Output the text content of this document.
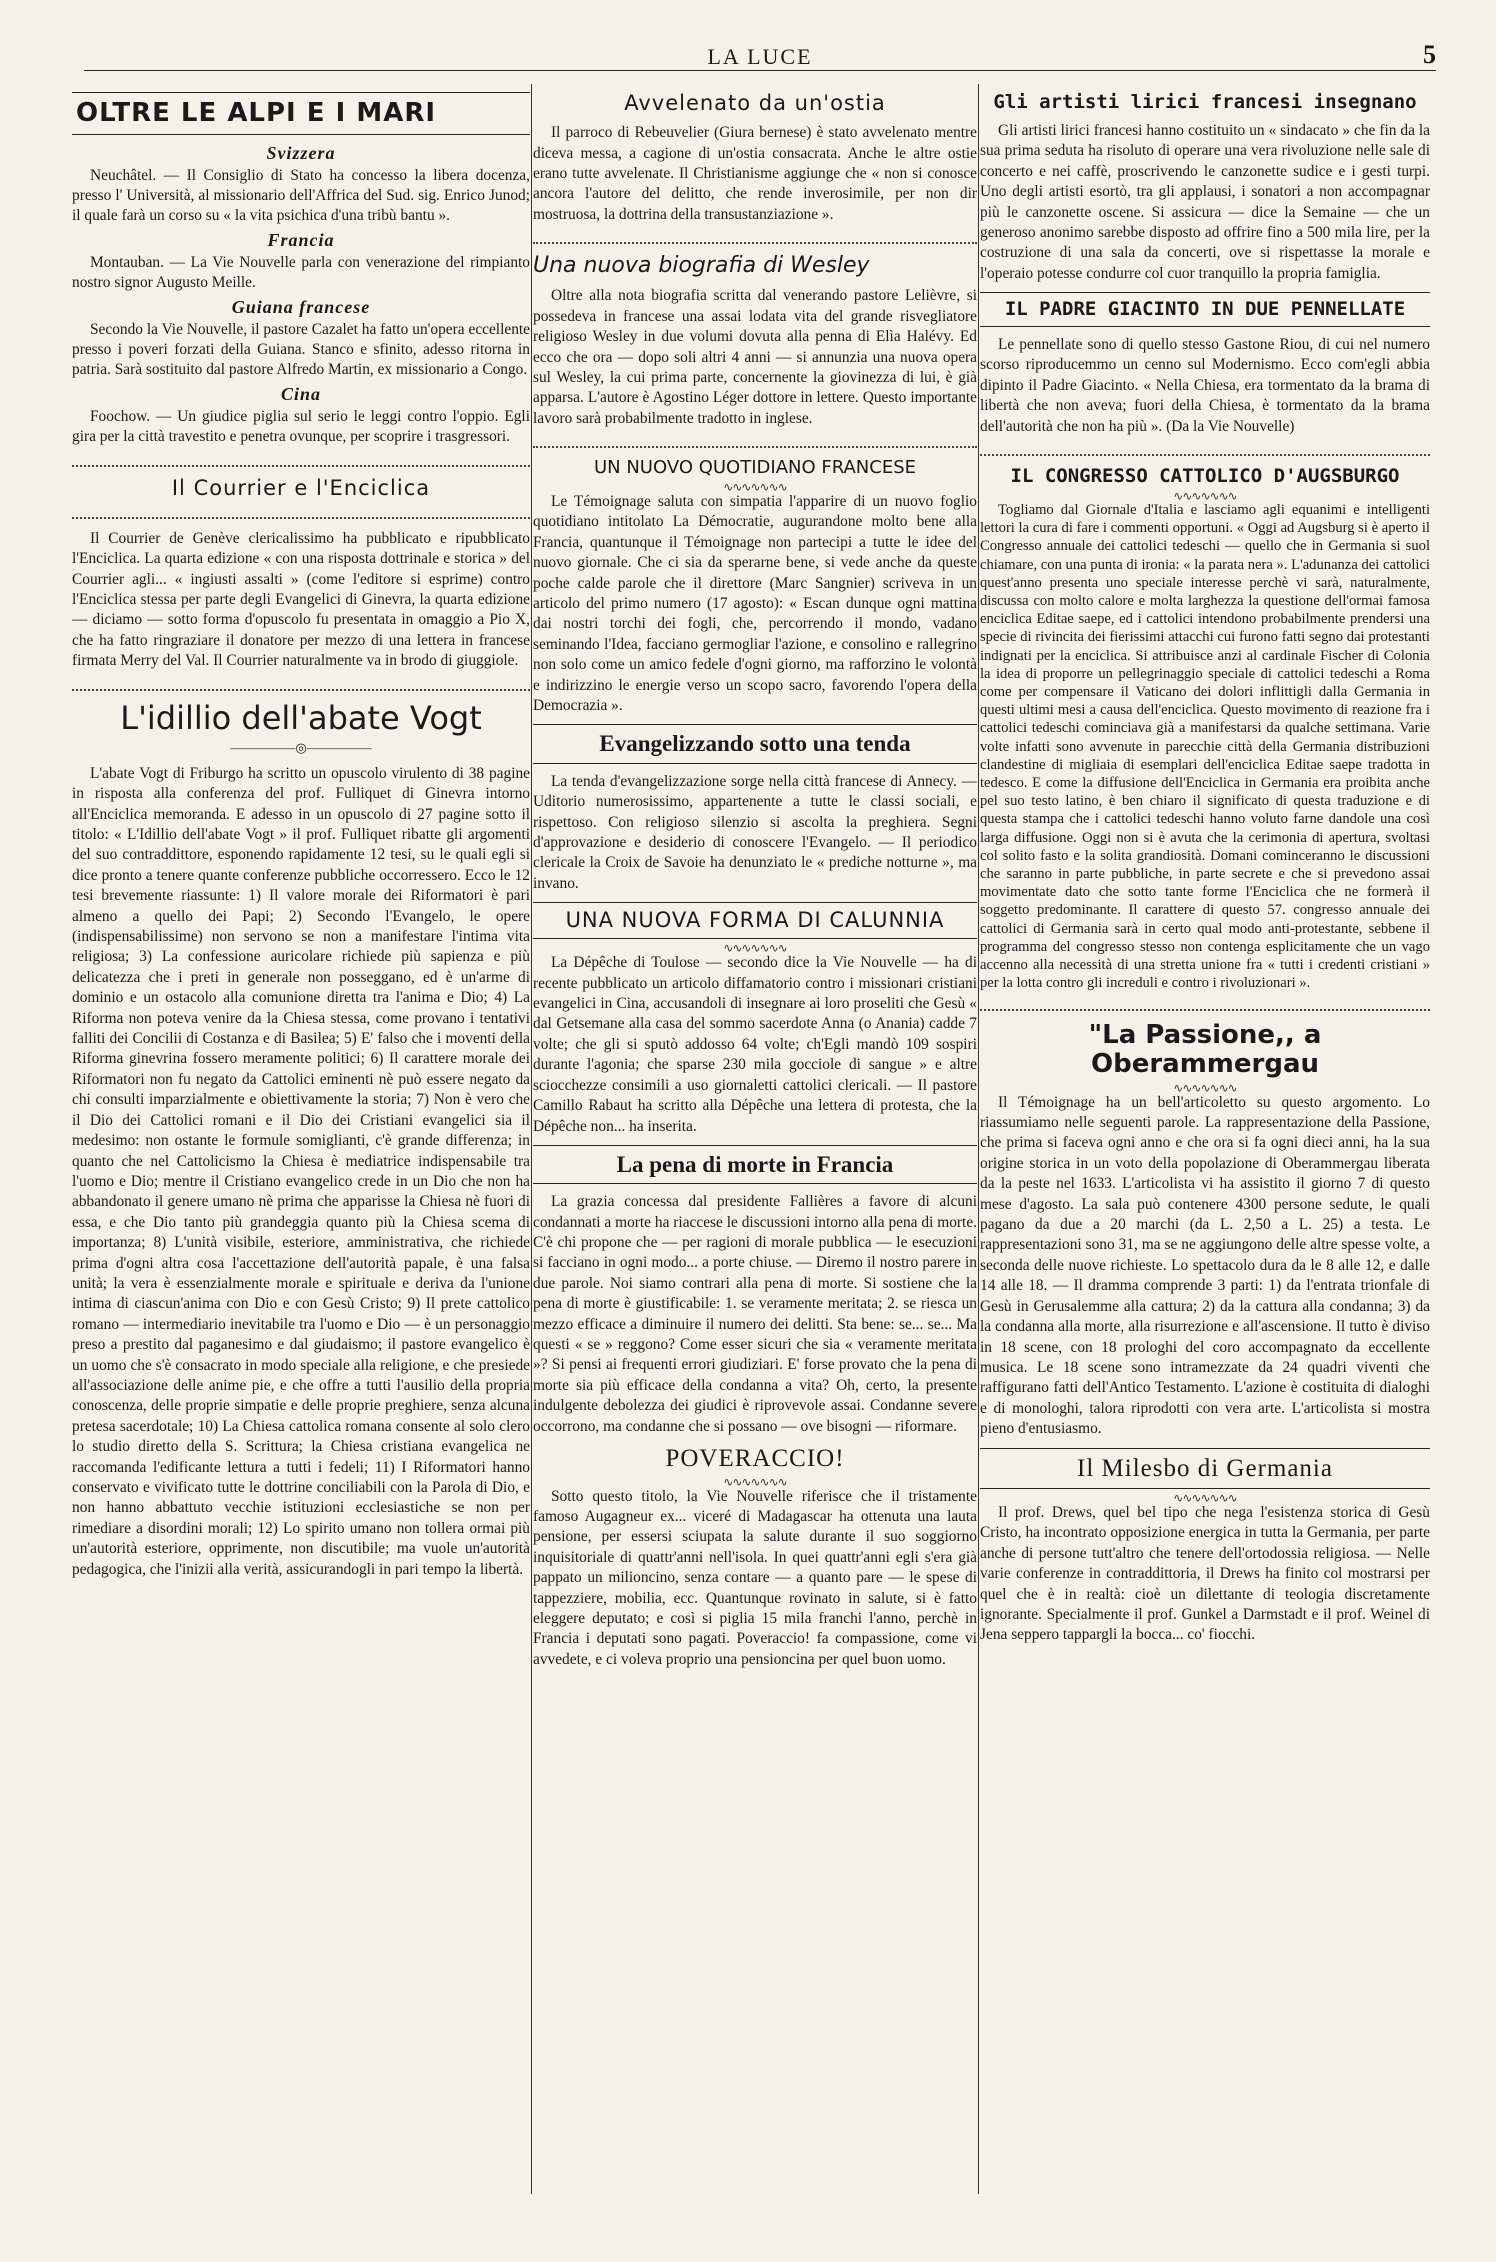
LA LUCE	5
OLTRE LE ALPI E I MARI
Svizzera

Neuchâtel. — Il Consiglio di Stato ha concesso la libera docenza, presso l' Università, al missionario dell'Affrica del Sud. sig. Enrico Junod; il quale farà un corso su « la vita psichica d'una tribù bantu ».

Francia

Montauban. — La Vie Nouvelle parla con venerazione del rimpianto nostro signor Augusto Meille.

Guiana francese

Secondo la Vie Nouvelle, il pastore Cazalet ha fatto un'opera eccellente presso i poveri forzati della Guiana. Stanco e sfinito, adesso ritorna in patria. Sarà sostituito dal pastore Alfredo Martin, ex missionario a Congo.

Cina

Foochow. — Un giudice piglia sul serio le leggi contro l'oppio. Egli gira per la città travestito e penetra ovunque, per scoprire i trasgressori.

Il Courrier e l'Enciclica

Il Courrier de Genève clericalissimo ha pubblicato e ripubblicato l'Enciclica. La quarta edizione « con una risposta dottrinale e storica » del Courrier agli... « ingiusti assalti » (come l'editore si esprime) contro l'Enciclica stessa per parte degli Evangelici di Ginevra, la quarta edizione — diciamo — sotto forma d'opuscolo fu presentata in omaggio a Pio X, che ha fatto ringraziare il donatore per mezzo di una lettera in francese firmata Merry del Val. Il Courrier naturalmente va in brodo di giuggiole.

L'idillio dell'abate Vogt
—————◎—————

L'abate Vogt di Friburgo ha scritto un opuscolo virulento di 38 pagine in risposta alla conferenza del prof. Fulliquet di Ginevra intorno all'Enciclica memoranda. E adesso in un opuscolo di 27 pagine sotto il titolo: « L'Idillio dell'abate Vogt » il prof. Fulliquet ribatte gli argomenti del suo contraddittore, esponendo rapidamente 12 tesi, su le quali egli si dice pronto a tenere quante conferenze pubbliche occorressero. Ecco le 12 tesi brevemente riassunte: 1) Il valore morale dei Riformatori è pari almeno a quello dei Papi; 2) Secondo l'Evangelo, le opere (indispensabilissime) non servono se non a manifestare l'intima vita religiosa; 3) La confessione auricolare richiede più sapienza e più delicatezza che i preti in generale non posseggano, ed è un'arme di dominio e un ostacolo alla comunione diretta tra l'anima e Dio; 4) La Riforma non poteva venire da la Chiesa stessa, come provano i tentativi falliti dei Concilii di Costanza e di Basilea; 5) E' falso che i moventi della Riforma ginevrina fossero meramente politici; 6) Il carattere morale dei Riformatori non fu negato da Cattolici eminenti nè può essere negato da chi consulti imparzialmente e obiettivamente la storia; 7) Non è vero che il Dio dei Cattolici romani e il Dio dei Cristiani evangelici sia il medesimo: non ostante le formule somiglianti, c'è grande differenza; in quanto che nel Cattolicismo la Chiesa è mediatrice indispensabile tra l'uomo e Dio; mentre il Cristiano evangelico crede in un Dio che non ha abbandonato il genere umano nè prima che apparisse la Chiesa nè fuori di essa, e che Dio tanto più grandeggia quanto più la Chiesa scema di importanza; 8) L'unità visibile, esteriore, amministrativa, che richiede prima d'ogni altra cosa l'accettazione dell'autorità papale, è una falsa unità; la vera è essenzialmente morale e spirituale e deriva da l'unione intima di ciascun'anima con Dio e con Gesù Cristo; 9) Il prete cattolico romano — intermediario inevitabile tra l'uomo e Dio — è un personaggio preso a prestito dal paganesimo e dal giudaismo; il pastore evangelico è un uomo che s'è consacrato in modo speciale alla religione, e che presiede all'associazione delle anime pie, e che offre a tutti l'ausilio della propria conoscenza, delle proprie simpatie e delle proprie preghiere, senza alcuna pretesa sacerdotale; 10) La Chiesa cattolica romana consente al solo clero lo studio diretto della S. Scrittura; la Chiesa cristiana evangelica ne raccomanda l'edificante lettura a tutti i fedeli; 11) I Riformatori hanno conservato e vivificato tutte le dottrine conciliabili con la Parola di Dio, e non hanno abbattuto vecchie istituzioni ecclesiastiche se non per rimediare a disordini morali; 12) Lo spirito umano non tollera ormai più un'autorità esteriore, opprimente, non discutibile; ma vuole un'autorità pedagogica, che l'inizii alla verità, assicurandogli in pari tempo la libertà.

Avvelenato da un'ostia

Il parroco di Rebeuvelier (Giura bernese) è stato avvelenato mentre diceva messa, a cagione di un'ostia consacrata. Anche le altre ostie erano tutte avvelenate. Il Christianisme aggiunge che « non si conosce ancora l'autore del delitto, che rende inverosimile, per non dir mostruosa, la dottrina della transustanziazione ».

Una nuova biografia di Wesley

Oltre alla nota biografia scritta dal venerando pastore Lelièvre, si possedeva in francese una assai lodata vita del grande risvegliatore religioso Wesley in due volumi dovuta alla penna di Elìa Halévy. Ed ecco che ora — dopo soli altri 4 anni — si annunzia una nuova opera sul Wesley, la cui prima parte, concernente la giovinezza di lui, è già apparsa. L'autore è Agostino Léger dottore in lettere. Questo importante lavoro sarà probabilmente tradotto in inglese.

UN NUOVO QUOTIDIANO FRANCESE
∿∿∿∿∿∿∿

Le Témoignage saluta con simpatia l'apparire di un nuovo foglio quotidiano intitolato La Démocratie, augurandone molto bene alla Francia, quantunque il Témoignage non partecipi a tutte le idee del nuovo giornale. Che ci sia da sperarne bene, si vede anche da queste poche calde parole che il direttore (Marc Sangnier) scriveva in un articolo del primo numero (17 agosto): « Escan dunque ogni mattina dai nostri torchi dei fogli, che, percorrendo il mondo, vadano seminando l'Idea, facciano germogliar l'azione, e consolino e rallegrino non solo come un amico fedele d'ogni giorno, ma rafforzino le volontà e indirizzino le energie verso un scopo sacro, favorendo l'opera della Democrazia ».

Evangelizzando sotto una tenda

La tenda d'evangelizzazione sorge nella città francese di Annecy. — Uditorio numerosissimo, appartenente a tutte le classi sociali, e rispettoso. Con religioso silenzio si ascolta la preghiera. Segni d'approvazione e desiderio di conoscere l'Evangelo. — Il periodico clericale la Croix de Savoie ha denunziato le « prediche notturne », ma invano.

UNA NUOVA FORMA DI CALUNNIA
∿∿∿∿∿∿∿

La Dépêche di Toulose — secondo dice la Vie Nouvelle — ha di recente pubblicato un articolo diffamatorio contro i missionari cristiani evangelici in Cina, accusandoli di insegnare ai loro proseliti che Gesù « dal Getsemane alla casa del sommo sacerdote Anna (o Anania) cadde 7 volte; che gli si sputò addosso 64 volte; ch'Egli mandò 109 sospiri durante l'agonia; che sparse 230 mila gocciole di sangue » e altre sciocchezze consimili a uso giornaletti cattolici clericali. — Il pastore Camillo Rabaut ha scritto alla Dépêche una lettera di protesta, che la Dépêche non... ha inserita.

La pena di morte in Francia

La grazia concessa dal presidente Fallières a favore di alcuni condannati a morte ha riaccese le discussioni intorno alla pena di morte. C'è chi propone che — per ragioni di morale pubblica — le esecuzioni si facciano in ogni modo... a porte chiuse. — Diremo il nostro parere in due parole. Noi siamo contrari alla pena di morte. Si sostiene che la pena di morte è giustificabile: 1. se veramente meritata; 2. se riesca un mezzo efficace a diminuire il numero dei delitti. Sta bene: se... se... Ma questi « se » reggono? Come esser sicuri che sia « veramente meritata »? Si pensi ai frequenti errori giudiziari. E' forse provato che la pena di morte sia più efficace della condanna a vita? Oh, certo, la presente indulgente debolezza dei giudici è riprovevole assai. Condanne severe occorrono, ma condanne che si possano — ove bisogni — riformare.

POVERACCIO!
∿∿∿∿∿∿∿

Sotto questo titolo, la Vie Nouvelle riferisce che il tristamente famoso Augagneur ex... viceré di Madagascar ha ottenuta una lauta pensione, per essersi sciupata la salute durante il suo soggiorno inquisitoriale di quattr'anni nell'isola. In quei quattr'anni egli s'era già pappato un milioncino, senza contare — a quanto pare — le spese di tappezziere, mobilia, ecc. Quantunque rovinato in salute, si è fatto eleggere deputato; e così si piglia 15 mila franchi l'anno, perchè in Francia i deputati sono pagati. Poveraccio! fa compassione, come vi avvedete, e ci voleva proprio una pensioncina per quel buon uomo.

Gli artisti lirici francesi insegnano

Gli artisti lirici francesi hanno costituito un « sindacato » che fin da la sua prima seduta ha risoluto di operare una vera rivoluzione nelle sale di concerto e nei caffè, proscrivendo le canzonette sudice e i gesti turpi. Uno degli artisti esortò, tra gli applausi, i sonatori a non accompagnar più le canzonette oscene. Si assicura — dice la Semaine — che un generoso anonimo sarebbe disposto ad offrire fino a 500 mila lire, per la costruzione di una sala da concerti, ove si rispettasse la morale e l'operaio potesse condurre col cuor tranquillo la propria famiglia.

IL PADRE GIACINTO IN DUE PENNELLATE

Le pennellate sono di quello stesso Gastone Riou, di cui nel numero scorso riproducemmo un cenno sul Modernismo. Ecco com'egli abbia dipinto il Padre Giacinto. « Nella Chiesa, era tormentato da la brama di libertà che non aveva; fuori della Chiesa, è tormentato da la brama dell'autorità che non ha più ». (Da la Vie Nouvelle)

IL CONGRESSO CATTOLICO D'AUGSBURGO
∿∿∿∿∿∿∿

Togliamo dal Giornale d'Italia e lasciamo agli equanimi e intelligenti lettori la cura di fare i commenti opportuni. « Oggi ad Augsburg si è aperto il Congresso annuale dei cattolici tedeschi — quello che in Germania si suol chiamare, con una punta di ironia: « la parata nera ». L'adunanza dei cattolici quest'anno presenta uno speciale interesse perchè vi sarà, naturalmente, discussa con molto calore e molta larghezza la questione dell'ormai famosa enciclica Editae saepe, ed i cattolici intendono probabilmente prendersi una specie di rivincita dei fierissimi attacchi cui furono fatti segno dai protestanti indignati per la enciclica. Si attribuisce anzi al cardinale Fischer di Colonia la idea di proporre un pellegrinaggio speciale di cattolici tedeschi a Roma come per compensare il Vaticano dei dolori inflittigli dalla Germania in questi ultimi mesi a causa dell'enciclica. Questo movimento di reazione fra i cattolici tedeschi cominciava già a manifestarsi da qualche settimana. Varie volte infatti sono avvenute in parecchie città della Germania distribuzioni clandestine di migliaia di esemplari dell'enciclica Editae saepe tradotta in tedesco. E come la diffusione dell'Enciclica in Germania era proibita anche pel suo testo latino, è ben chiaro il significato di questa traduzione e di questa stampa che i cattolici tedeschi hanno voluto farne dandole una così larga diffusione. Oggi non si è avuta che la cerimonia di apertura, svoltasi col solito fasto e la solita grandiosità. Domani cominceranno le discussioni che saranno in parte pubbliche, in parte secrete e che si prevedono assai movimentate dato che sotto tante forme l'Enciclica che ne formerà il soggetto predominante. Il carattere di questo 57. congresso annuale dei cattolici di Germania sarà in certo qual modo anti-protestante, sebbene il programma del congresso stesso non contenga esplicitamente che un vago accenno alla necessità di una stretta unione fra « tutti i credenti cristiani » per la lotta contro gli increduli e contro i rivoluzionari ».

"La Passione,, a Oberammergau
∿∿∿∿∿∿∿

Il Témoignage ha un bell'articoletto su questo argomento. Lo riassumiamo nelle seguenti parole. La rappresentazione della Passione, che prima si faceva ogni anno e che ora si fa ogni dieci anni, ha la sua origine storica in un voto della popolazione di Oberammergau liberata da la peste nel 1633. L'articolista vi ha assistito il giorno 7 di questo mese d'agosto. La sala può contenere 4300 persone sedute, le quali pagano da due a 20 marchi (da L. 2,50 a L. 25) a testa. Le rappresentazioni sono 31, ma se ne aggiungono delle altre spesse volte, a seconda delle nuove richieste. Lo spettacolo dura da le 8 alle 12, e dalle 14 alle 18. — Il dramma comprende 3 parti: 1) da l'entrata trionfale di Gesù in Gerusalemme alla cattura; 2) da la cattura alla condanna; 3) da la condanna alla morte, alla risurrezione e all'ascensione. Il tutto è diviso in 18 scene, con 18 prologhi del coro accompagnato da eccellente musica. Le 18 scene sono intramezzate da 24 quadri viventi che raffigurano fatti dell'Antico Testamento. L'azione è costituita di dialoghi e di monologhi, talora riprodotti con vera arte. L'articolista si mostra pieno d'entusiasmo.

Il Milesbo di Germania
∿∿∿∿∿∿∿

Il prof. Drews, quel bel tipo che nega l'esistenza storica di Gesù Cristo, ha incontrato opposizione energica in tutta la Germania, per parte anche di persone tutt'altro che tenere dell'ortodossia religiosa. — Nelle varie conferenze in contraddittoria, il Drews ha finito col mostrarsi per quel che è in realtà: cioè un dilettante di teologia discretamente ignorante. Specialmente il prof. Gunkel a Darmstadt e il prof. Weinel di Jena seppero tappargli la bocca... co' fiocchi.
